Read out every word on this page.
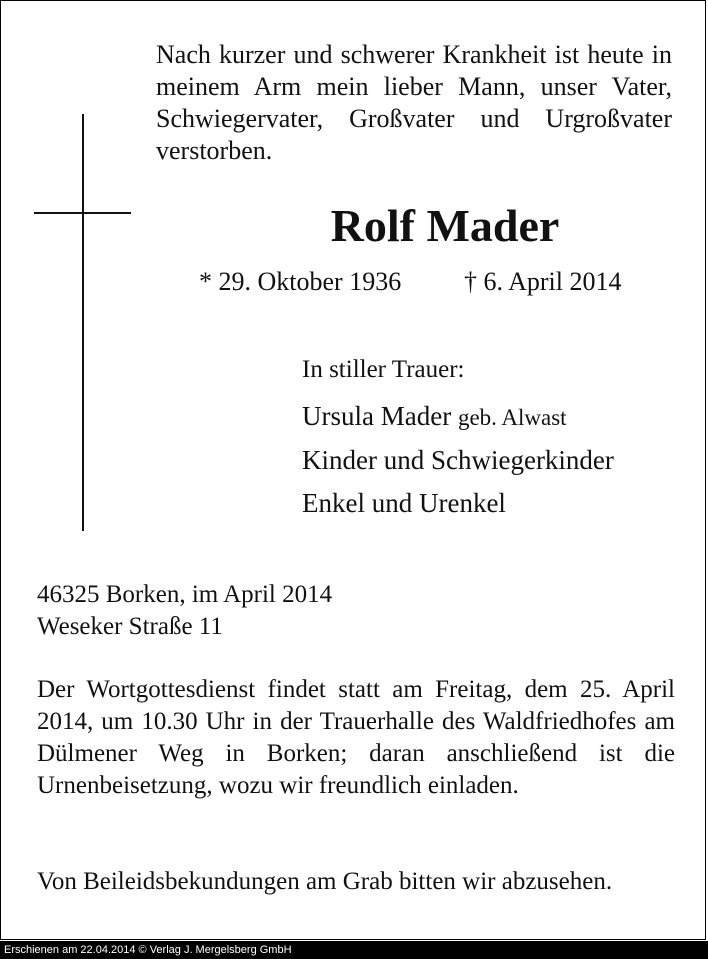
Nach kurzer und schwerer Krankheit ist heute in meinem Arm mein lieber Mann, unser Vater, Schwiegervater, Großvater und Urgroßvater verstorben.
Rolf Mader
* 29. Oktober 1936 † 6. April 2014
In stiller Trauer:
Ursula Mader geb. Alwast
Kinder und Schwiegerkinder
Enkel und Urenkel
46325 Borken, im April 2014
Weseker Straße 11
Der Wortgottesdienst findet statt am Freitag, dem 25. April 2014, um 10.30 Uhr in der Trauerhalle des Waldfriedhofes am Dülmener Weg in Borken; daran anschließend ist die Urnenbeisetzung, wozu wir freundlich einladen.
Von Beileidsbekundungen am Grab bitten wir abzusehen.
Erschienen am 22.04.2014 © Verlag J. Mergelsberg GmbH
